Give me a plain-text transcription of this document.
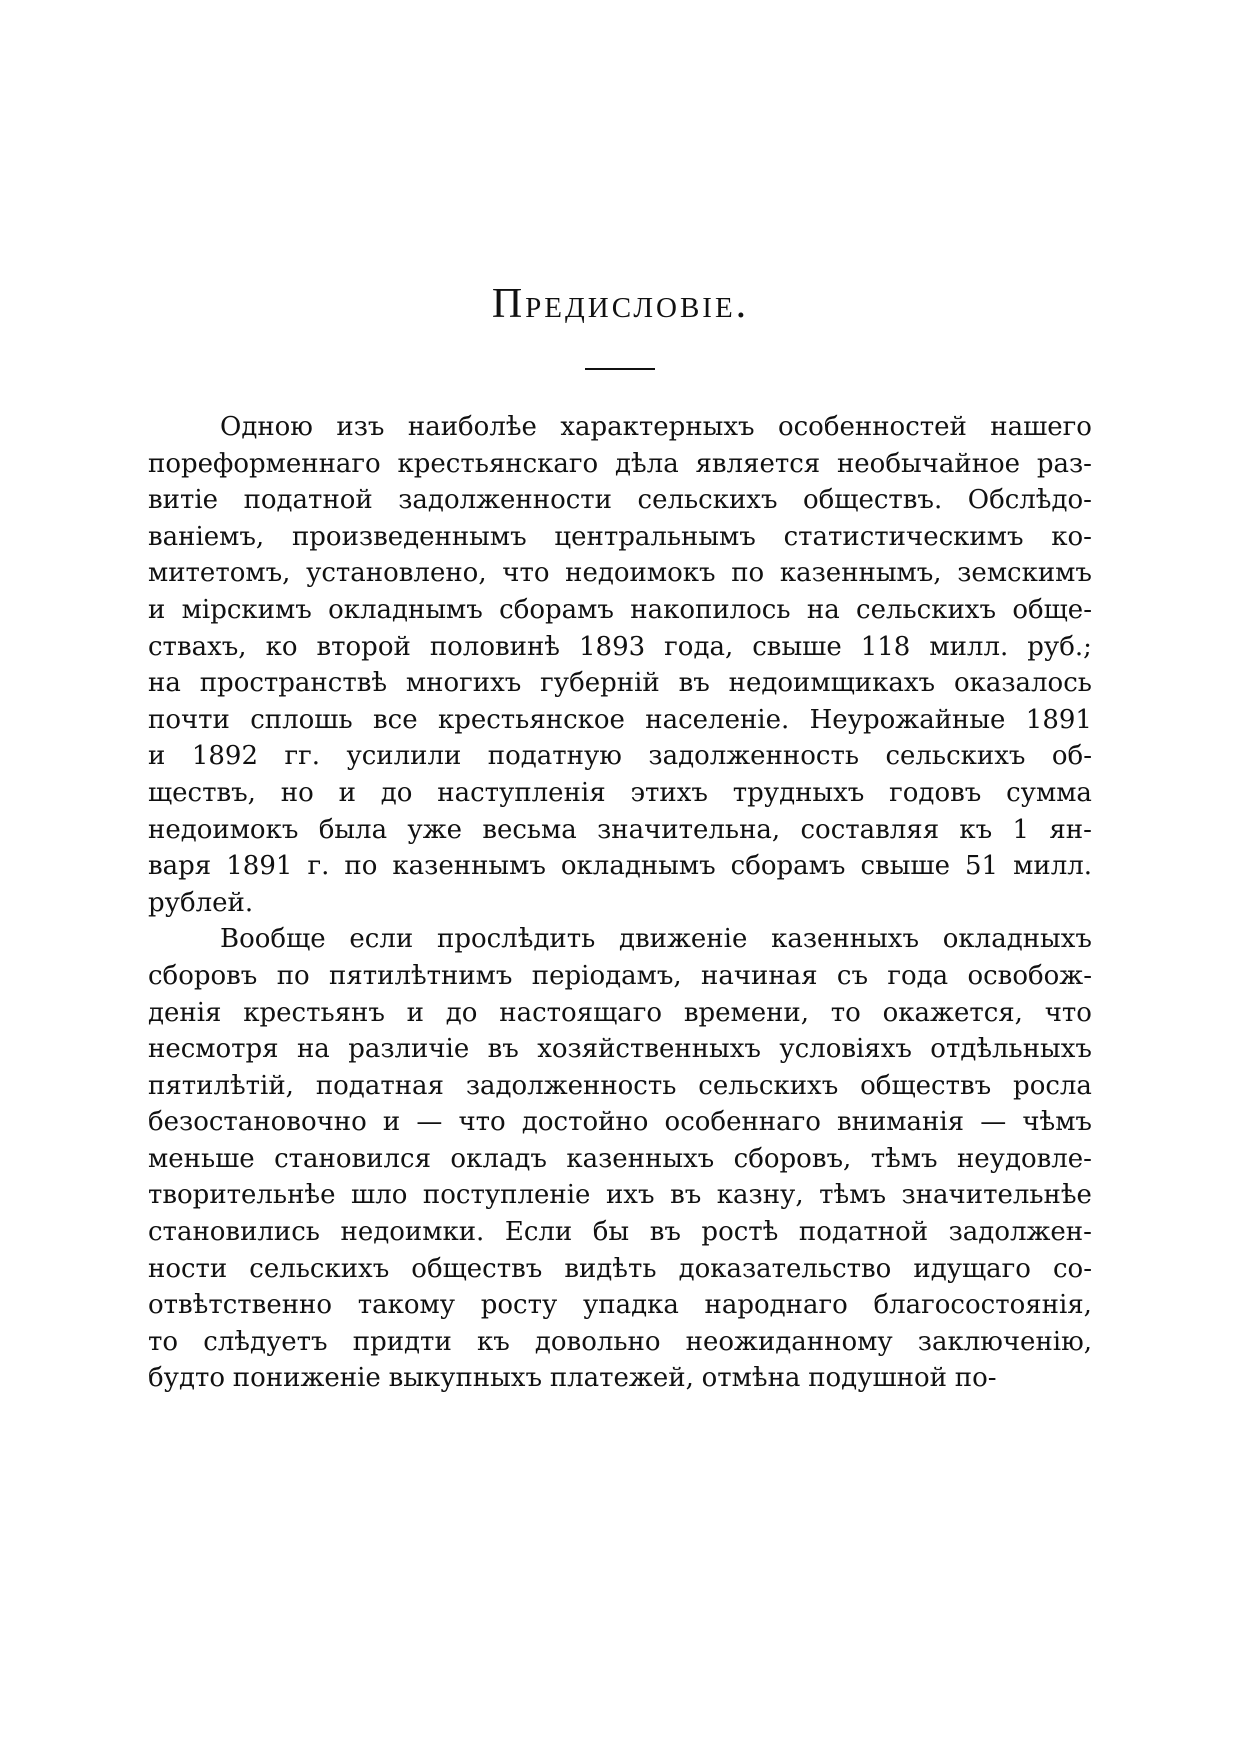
Предисловіе.
Одною изъ наиболѣе характерныхъ особенностей нашего
пореформеннаго крестьянскаго дѣла является необычайное раз-
витіе податной задолженности сельскихъ обществъ. Обслѣдо-
ваніемъ, произведеннымъ центральнымъ статистическимъ ко-
митетомъ, установлено, что недоимокъ по казеннымъ, земскимъ
и мірскимъ окладнымъ сборамъ накопилось на сельскихъ обще-
ствахъ, ко второй половинѣ 1893 года, свыше 118 милл. руб.;
на пространствѣ многихъ губерній въ недоимщикахъ оказалось
почти сплошь все крестьянское населеніе. Неурожайные 1891
и 1892 гг. усилили податную задолженность сельскихъ об-
ществъ, но и до наступленія этихъ трудныхъ годовъ сумма
недоимокъ была уже весьма значительна, составляя къ 1 ян-
варя 1891 г. по казеннымъ окладнымъ сборамъ свыше 51 милл.
рублей.
Вообще если прослѣдить движеніе казенныхъ окладныхъ
сборовъ по пятилѣтнимъ періодамъ, начиная съ года освобож-
денія крестьянъ и до настоящаго времени, то окажется, что
несмотря на различіе въ хозяйственныхъ условіяхъ отдѣльныхъ
пятилѣтій, податная задолженность сельскихъ обществъ росла
безостановочно и — что достойно особеннаго вниманія — чѣмъ
меньше становился окладъ казенныхъ сборовъ, тѣмъ неудовле-
творительнѣе шло поступленіе ихъ въ казну, тѣмъ значительнѣе
становились недоимки. Если бы въ ростѣ податной задолжен-
ности сельскихъ обществъ видѣть доказательство идущаго со-
отвѣтственно такому росту упадка народнаго благосостоянія,
то слѣдуетъ придти къ довольно неожиданному заключенію,
будто пониженіе выкупныхъ платежей, отмѣна подушной по-
